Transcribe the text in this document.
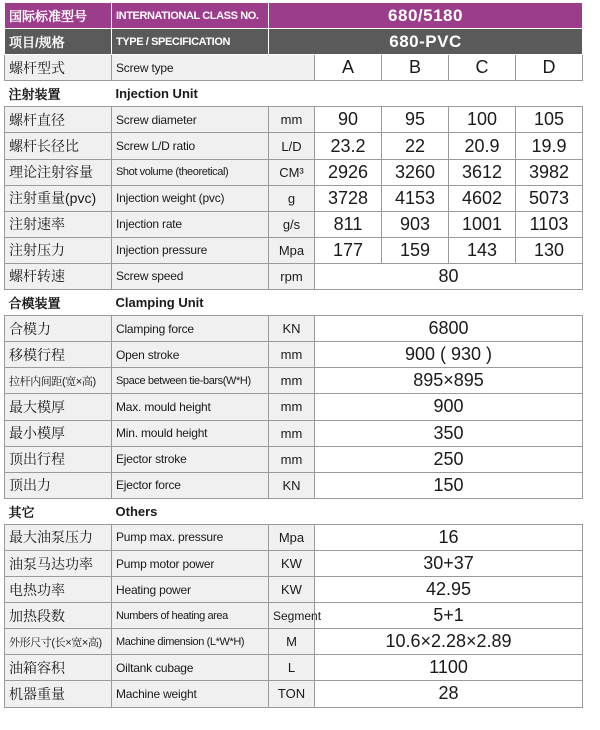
国际标准型号	INTERNATIONAL CLASS NO.	680/5180				
项目/规格	TYPE / SPECIFICATION	680-PVC				
螺杆型式	Screw type		A	B	C	D
注射装置	Injection Unit					
螺杆直径	Screw diameter	mm	90	95	100	105
螺杆长径比	Screw L/D ratio	L/D	23.2	22	20.9	19.9
理论注射容量	Shot volume (theoretical)	CM³	2926	3260	3612	3982
注射重量(pvc)	Injection weight (pvc)	g	3728	4153	4602	5073
注射速率	Injection rate	g/s	811	903	1001	1103
注射压力	Injection pressure	Mpa	177	159	143	130
螺杆转速	Screw speed	rpm	80			
合模装置	Clamping Unit					
合模力	Clamping force	KN	6800			
移模行程	Open stroke	mm	900 ( 930 )			
拉杆内间距(宽×高)	Space between tie-bars(W*H)	mm	895×895			
最大模厚	Max. mould height	mm	900			
最小模厚	Min. mould height	mm	350			
顶出行程	Ejector stroke	mm	250			
顶出力	Ejector force	KN	150			
其它	Others					
最大油泵压力	Pump max. pressure	Mpa	16			
油泵马达功率	Pump motor power	KW	30+37			
电热功率	Heating power	KW	42.95			
加热段数	Numbers of heating area	Segment	5+1			
外形尺寸(长×宽×高)	Machine dimension (L*W*H)	M	10.6×2.28×2.89			
油箱容积	Oiltank cubage	L	1100			
机器重量	Machine weight	TON	28			
